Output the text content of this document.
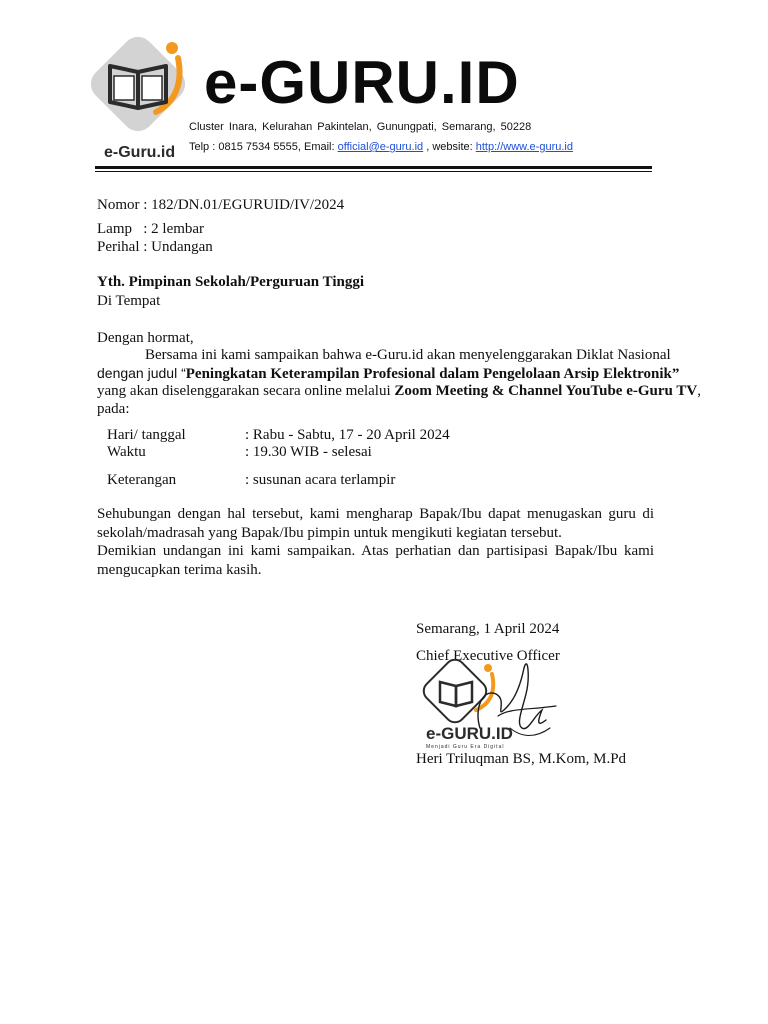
e-Guru.id
e-GURU.ID
Cluster Inara, Kelurahan Pakintelan, Gunungpati, Semarang, 50228
Telp : 0815 7534 5555, Email: official@e-guru.id , website: http://www.e-guru.id
Nomor : 182/DN.01/EGURUID/IV/2024
Lamp   : 2 lembar
Perihal : Undangan
Yth. Pimpinan Sekolah/Perguruan Tinggi
Di Tempat
Dengan hormat,
Bersama ini kami sampaikan bahwa e-Guru.id akan menyelenggarakan Diklat Nasional
dengan judul “Peningkatan Keterampilan Profesional dalam Pengelolaan Arsip Elektronik”
yang akan diselenggarakan secara online melalui Zoom Meeting & Channel YouTube e-Guru TV,
pada:
Hari/ tanggal	: Rabu - Sabtu, 17 - 20 April 2024
Waktu	: 19.30 WIB - selesai
Keterangan	: susunan acara terlampir
Sehubungan dengan hal tersebut, kami mengharap Bapak/Ibu dapat menugaskan guru di sekolah/madrasah yang Bapak/Ibu pimpin untuk mengikuti kegiatan tersebut.
Demikian undangan ini kami sampaikan. Atas perhatian dan partisipasi Bapak/Ibu kami mengucapkan terima kasih.
Semarang, 1 April 2024
Chief Executive Officer
e-GURU.ID
Menjadi Guru Era Digital
Heri Triluqman BS, M.Kom, M.Pd
